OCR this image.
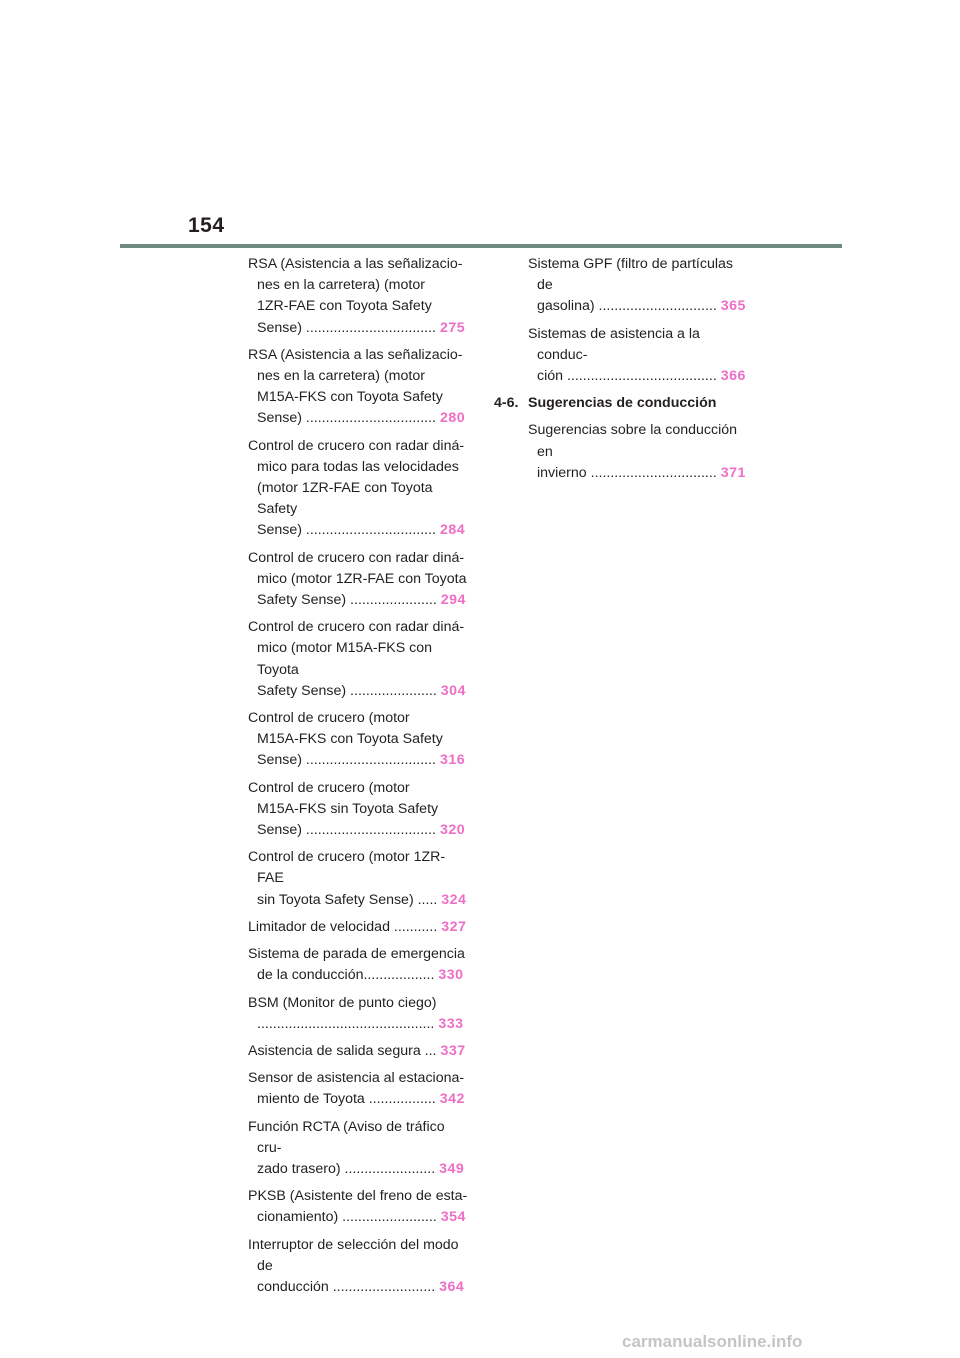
154
RSA (Asistencia a las señalizacio-
nes en la carretera) (motor
1ZR-FAE con Toyota Safety
Sense) ................................. 275
RSA (Asistencia a las señalizacio-
nes en la carretera) (motor
M15A-FKS con Toyota Safety
Sense) ................................. 280
Control de crucero con radar diná-
mico para todas las velocidades
(motor 1ZR-FAE con Toyota Safety
Sense) ................................. 284
Control de crucero con radar diná-
mico (motor 1ZR-FAE con Toyota
Safety Sense) ...................... 294
Control de crucero con radar diná-
mico (motor M15A-FKS con Toyota
Safety Sense) ...................... 304
Control de crucero (motor
M15A-FKS con Toyota Safety
Sense) ................................. 316
Control de crucero (motor
M15A-FKS sin Toyota Safety
Sense) ................................. 320
Control de crucero (motor 1ZR-FAE
sin Toyota Safety Sense) ..... 324
Limitador de velocidad ........... 327
Sistema de parada de emergencia
de la conducción.................. 330
BSM (Monitor de punto ciego)
............................................. 333
Asistencia de salida segura ... 337
Sensor de asistencia al estaciona-
miento de Toyota ................. 342
Función RCTA (Aviso de tráfico cru-
zado trasero) ....................... 349
PKSB (Asistente del freno de esta-
cionamiento) ........................ 354
Interruptor de selección del modo de
conducción .......................... 364
Sistema GPF (filtro de partículas de
gasolina) .............................. 365
Sistemas de asistencia a la conduc-
ción ...................................... 366
4-6. Sugerencias de conducción
Sugerencias sobre la conducción en
invierno ................................ 371
carmanualsonline.info
